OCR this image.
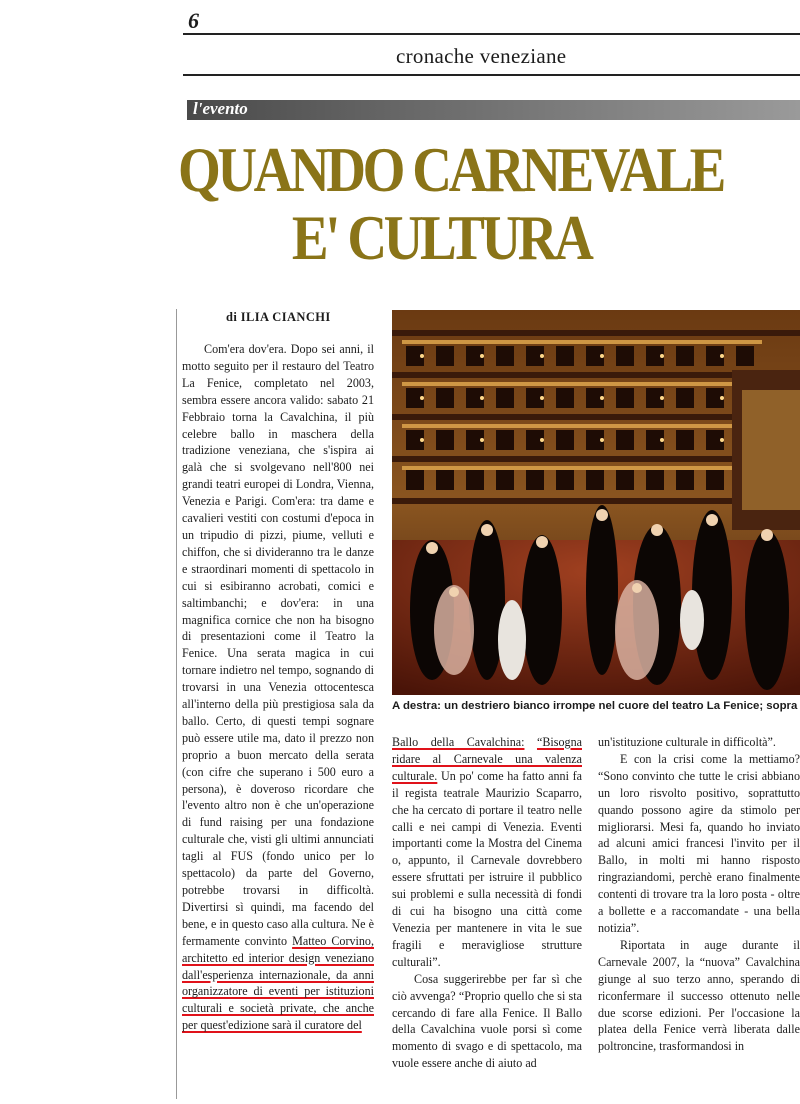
6
cronache veneziane
l'evento
QUANDO CARNEVALE
E' CULTURA
di ILIA CIANCHI

Com'era dov'era. Dopo sei anni, il motto seguito per il restauro del Teatro La Fenice, completato nel 2003, sembra essere ancora valido: sabato 21 Febbraio torna la Cavalchina, il più celebre ballo in maschera della tradizione veneziana, che s'ispira ai galà che si svolgevano nell'800 nei grandi teatri europei di Londra, Vienna, Venezia e Parigi. Com'era: tra dame e cavalieri vestiti con costumi d'epoca in un tripudio di pizzi, piume, velluti e chiffon, che si divideranno tra le danze e straordinari momenti di spettacolo in cui si esibiranno acrobati, comici e saltimbanchi; e dov'era: in una magnifica cornice che non ha bisogno di presentazioni come il Teatro la Fenice. Una serata magica in cui tornare indietro nel tempo, sognando di trovarsi in una Venezia ottocentesca all'interno della più prestigiosa sala da ballo. Certo, di questi tempi sognare può essere utile ma, dato il prezzo non proprio a buon mercato della serata (con cifre che superano i 500 euro a persona), è doveroso ricordare che l'evento altro non è che un'operazione di fund raising per una fondazione culturale che, visti gli ultimi annunciati tagli al FUS (fondo unico per lo spettacolo) da parte del Governo, potrebbe trovarsi in difficoltà. Divertirsi sì quindi, ma facendo del bene, e in questo caso alla cultura. Ne è fermamente convinto Matteo Corvino, architetto ed interior design veneziano dall'esperienza internazionale, da anni organizzatore di eventi per istituzioni culturali e società private, che anche per quest'edizione sarà il curatore del

A destra: un destriero bianco irrompe nel cuore del teatro La Fenice; sopra

Ballo della Cavalchina: “Bisogna ridare al Carnevale una valenza culturale. Un po' come ha fatto anni fa il regista teatrale Maurizio Scaparro, che ha cercato di portare il teatro nelle calli e nei campi di Venezia. Eventi importanti come la Mostra del Cinema o, appunto, il Carnevale dovrebbero essere sfruttati per istruire il pubblico sui problemi e sulla necessità di fondi di cui ha bisogno una città come Venezia per mantenere in vita le sue fragili e meravigliose strutture culturali”.

Cosa suggerirebbe per far sì che ciò avvenga? “Proprio quello che si sta cercando di fare alla Fenice. Il Ballo della Cavalchina vuole porsi sì come momento di svago e di spettacolo, ma vuole essere anche di aiuto ad

un'istituzione culturale in difficoltà”.

E con la crisi come la mettiamo? “Sono convinto che tutte le crisi abbiano un loro risvolto positivo, soprattutto quando possono agire da stimolo per migliorarsi. Mesi fa, quando ho inviato ad alcuni amici francesi l'invito per il Ballo, in molti mi hanno risposto ringraziandomi, perchè erano finalmente contenti di trovare tra la loro posta - oltre a bollette e a raccomandate - una bella notizia”.

Riportata in auge durante il Carnevale 2007, la “nuova” Cavalchina giunge al suo terzo anno, sperando di riconfermare il successo ottenuto nelle due scorse edizioni. Per l'occasione la platea della Fenice verrà liberata dalle poltroncine, trasformandosi in
